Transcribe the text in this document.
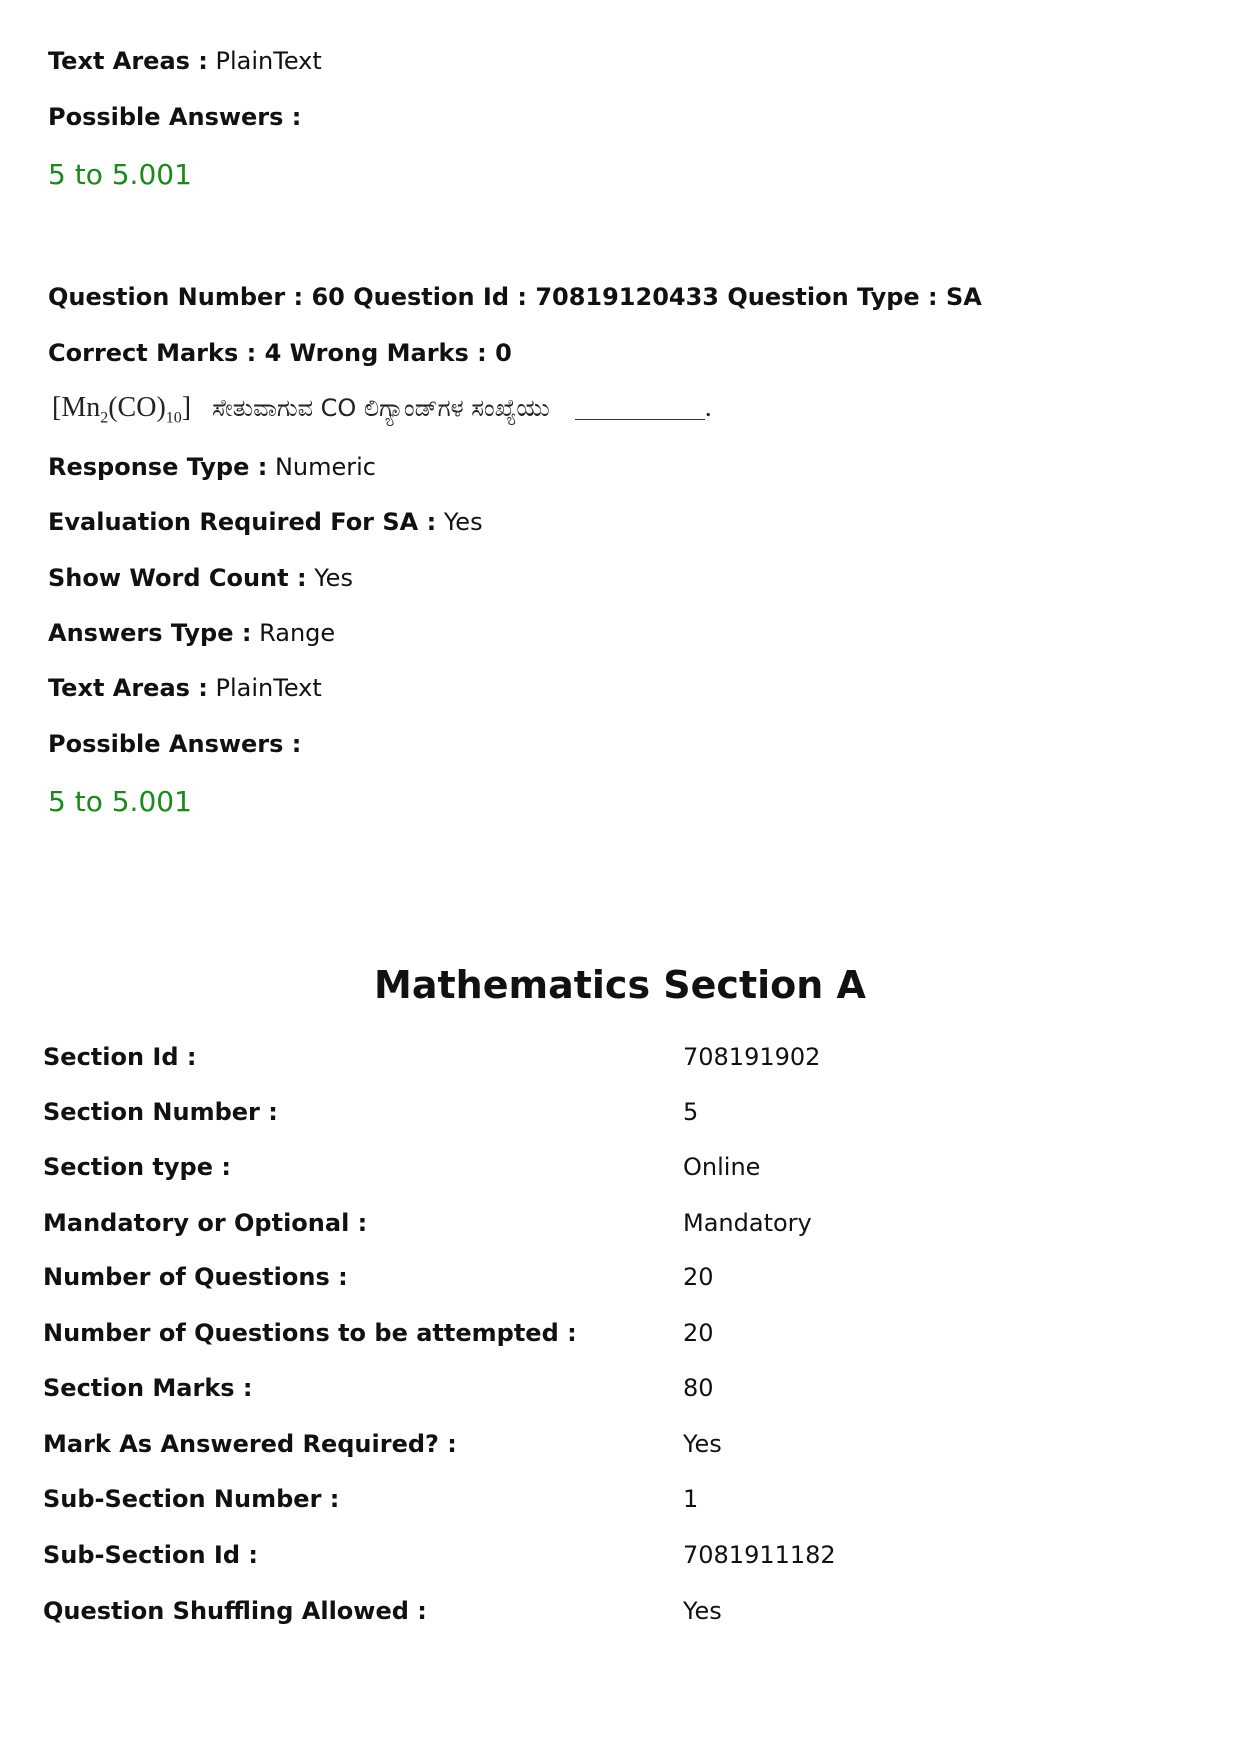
Text Areas : PlainText
Possible Answers :
5 to 5.001
Question Number : 60 Question Id : 70819120433 Question Type : SA
Correct Marks : 4 Wrong Marks : 0
$[Mn_2(CO)_{10}]$ ಸೇತುವಾಗುವ CO ಲಿಗ್ಯಾಂಡ್‌ಗಳ ಸಂಖ್ಯೆಯು	.
Response Type : Numeric
Evaluation Required For SA : Yes
Show Word Count : Yes
Answers Type : Range
Text Areas : PlainText
Possible Answers :
5 to 5.001
Mathematics Section A
Section Id :	708191902
Section Number :	5
Section type :	Online
Mandatory or Optional :	Mandatory
Number of Questions :	20
Number of Questions to be attempted :	20
Section Marks :	80
Mark As Answered Required? :	Yes
Sub-Section Number :	1
Sub-Section Id :	7081911182
Question Shuffling Allowed :	Yes
